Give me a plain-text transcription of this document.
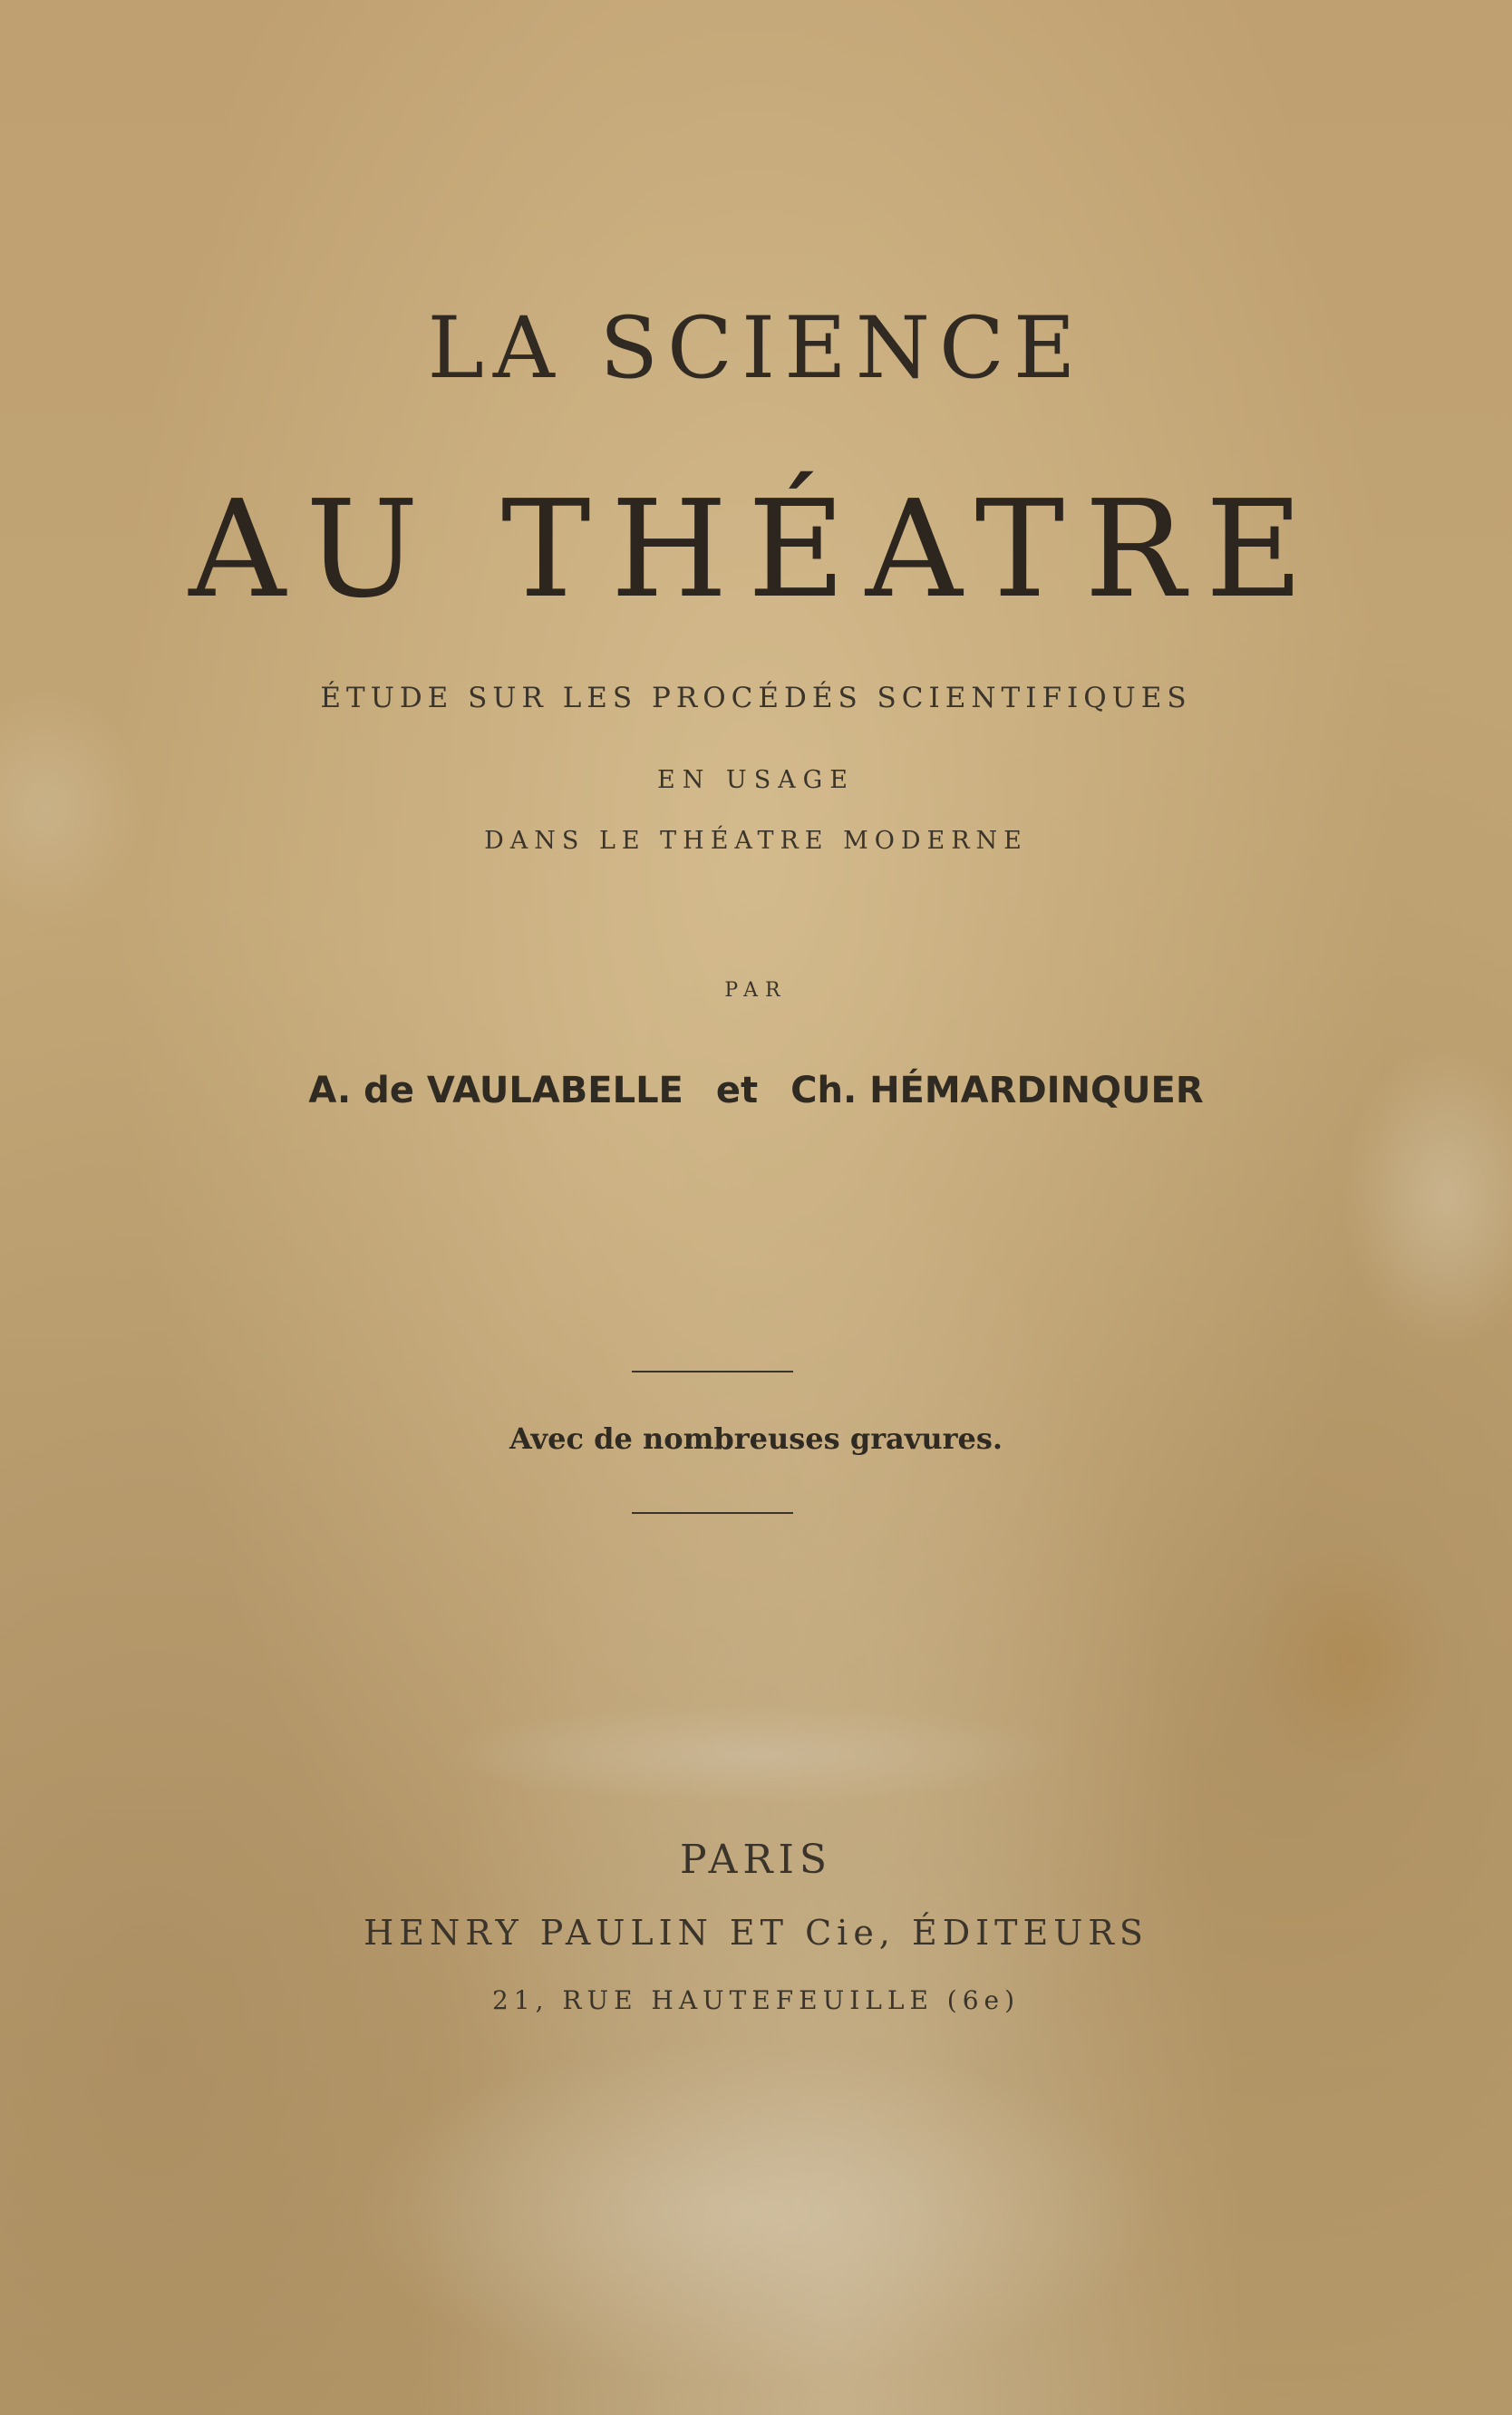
LA SCIENCE
AU THÉATRE

ÉTUDE SUR LES PROCÉDÉS SCIENTIFIQUES

EN USAGE

DANS LE THÉATRE MODERNE

PAR

A. de VAULABELLE et Ch. HÉMARDINQUER

Avec de nombreuses gravures.

PARIS

HENRY PAULIN ET Cie, ÉDITEURS

21, RUE HAUTEFEUILLE (6e)
